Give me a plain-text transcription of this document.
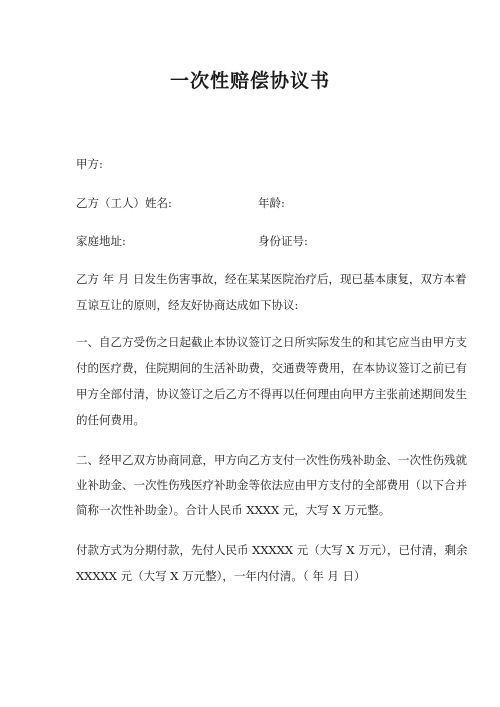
一次性赔偿协议书

甲方:

乙方（工人）姓名:	年龄:

家庭地址:	身份证号:

乙方 年 月 日发生伤害事故，经在某某医院治疗后，现已基本康复，双方本着

互谅互让的原则，经友好协商达成如下协议:

一、自乙方受伤之日起截止本协议签订之日所实际发生的和其它应当由甲方支

付的医疗费，住院期间的生活补助费，交通费等费用，在本协议签订之前已有

甲方全部付清，协议签订之后乙方不得再以任何理由向甲方主张前述期间发生

的任何费用。

二、经甲乙双方协商同意，甲方向乙方支付一次性伤残补助金、一次性伤残就

业补助金、一次性伤残医疗补助金等依法应由甲方支付的全部费用（以下合并

简称一次性补助金）。合计人民币 XXXX 元，大写 X 万元整。

付款方式为分期付款，先付人民币 XXXXX 元（大写 X 万元），已付清，剩余

XXXXX 元（大写 X 万元整），一年内付清。（ 年 月 日）
